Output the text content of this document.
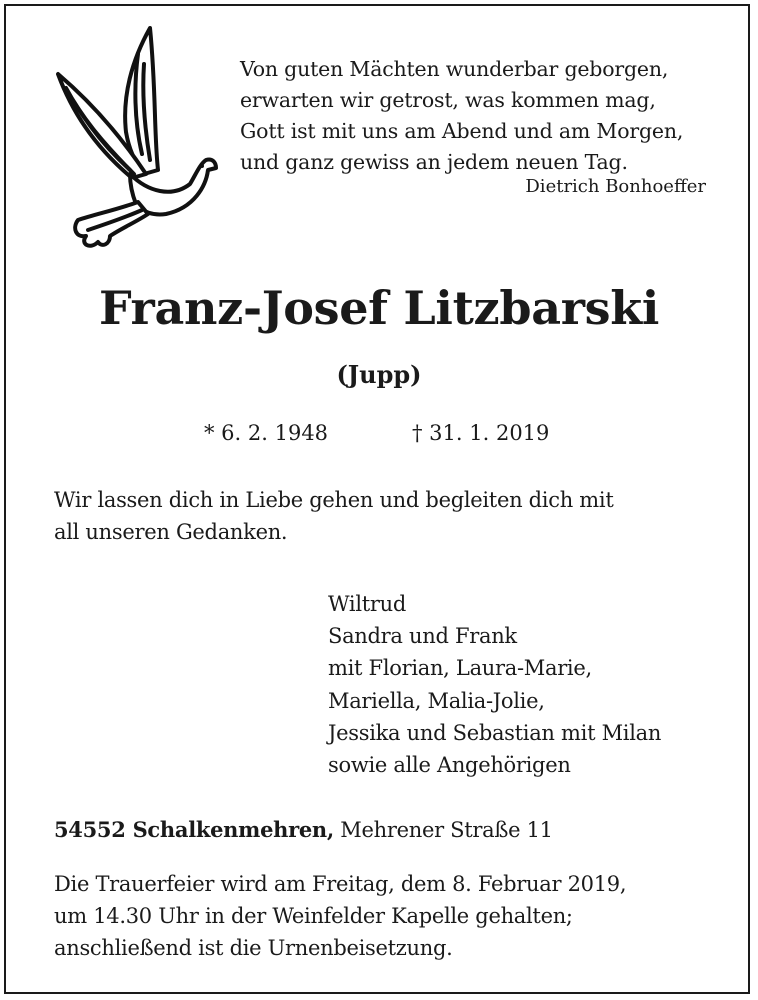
Von guten Mächten wunderbar geborgen,
erwarten wir getrost, was kommen mag,
Gott ist mit uns am Abend und am Morgen,
und ganz gewiss an jedem neuen Tag.
Dietrich Bonhoeffer
Franz-Josef Litzbarski
(Jupp)
* 6. 2. 1948	† 31. 1. 2019
Wir lassen dich in Liebe gehen und begleiten dich mit
all unseren Gedanken.
Wiltrud
Sandra und Frank
mit Florian, Laura-Marie,
Mariella, Malia-Jolie,
Jessika und Sebastian mit Milan
sowie alle Angehörigen
54552 Schalkenmehren, Mehrener Straße 11
Die Trauerfeier wird am Freitag, dem 8. Februar 2019,
um 14.30 Uhr in der Weinfelder Kapelle gehalten;
anschließend ist die Urnenbeisetzung.
